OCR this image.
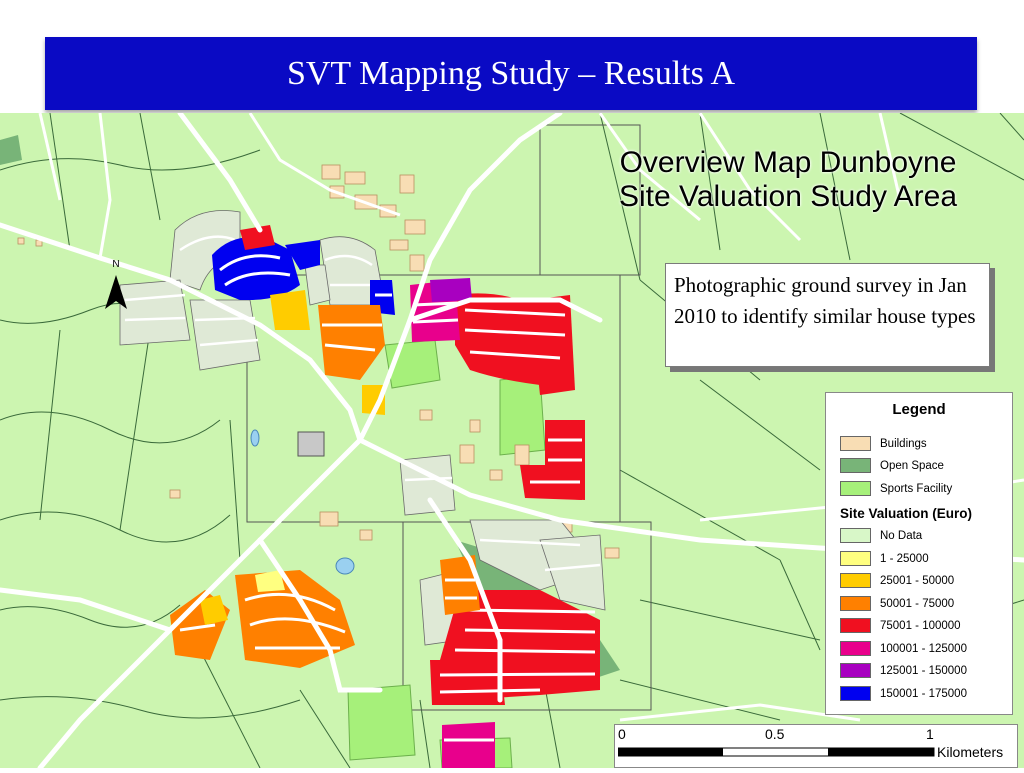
SVT Mapping Study – Results A
N
Overview Map Dunboyne
Site Valuation Study Area
Photographic ground survey in Jan 2010 to identify similar house types
Legend
Buildings
Open Space
Sports Facility
Site Valuation (Euro)
No Data
1 - 25000
25001 - 50000
50001 - 75000
75001 - 100000
100001 - 125000
125001 - 150000
150001 - 175000
0	0.5	1
Kilometers
